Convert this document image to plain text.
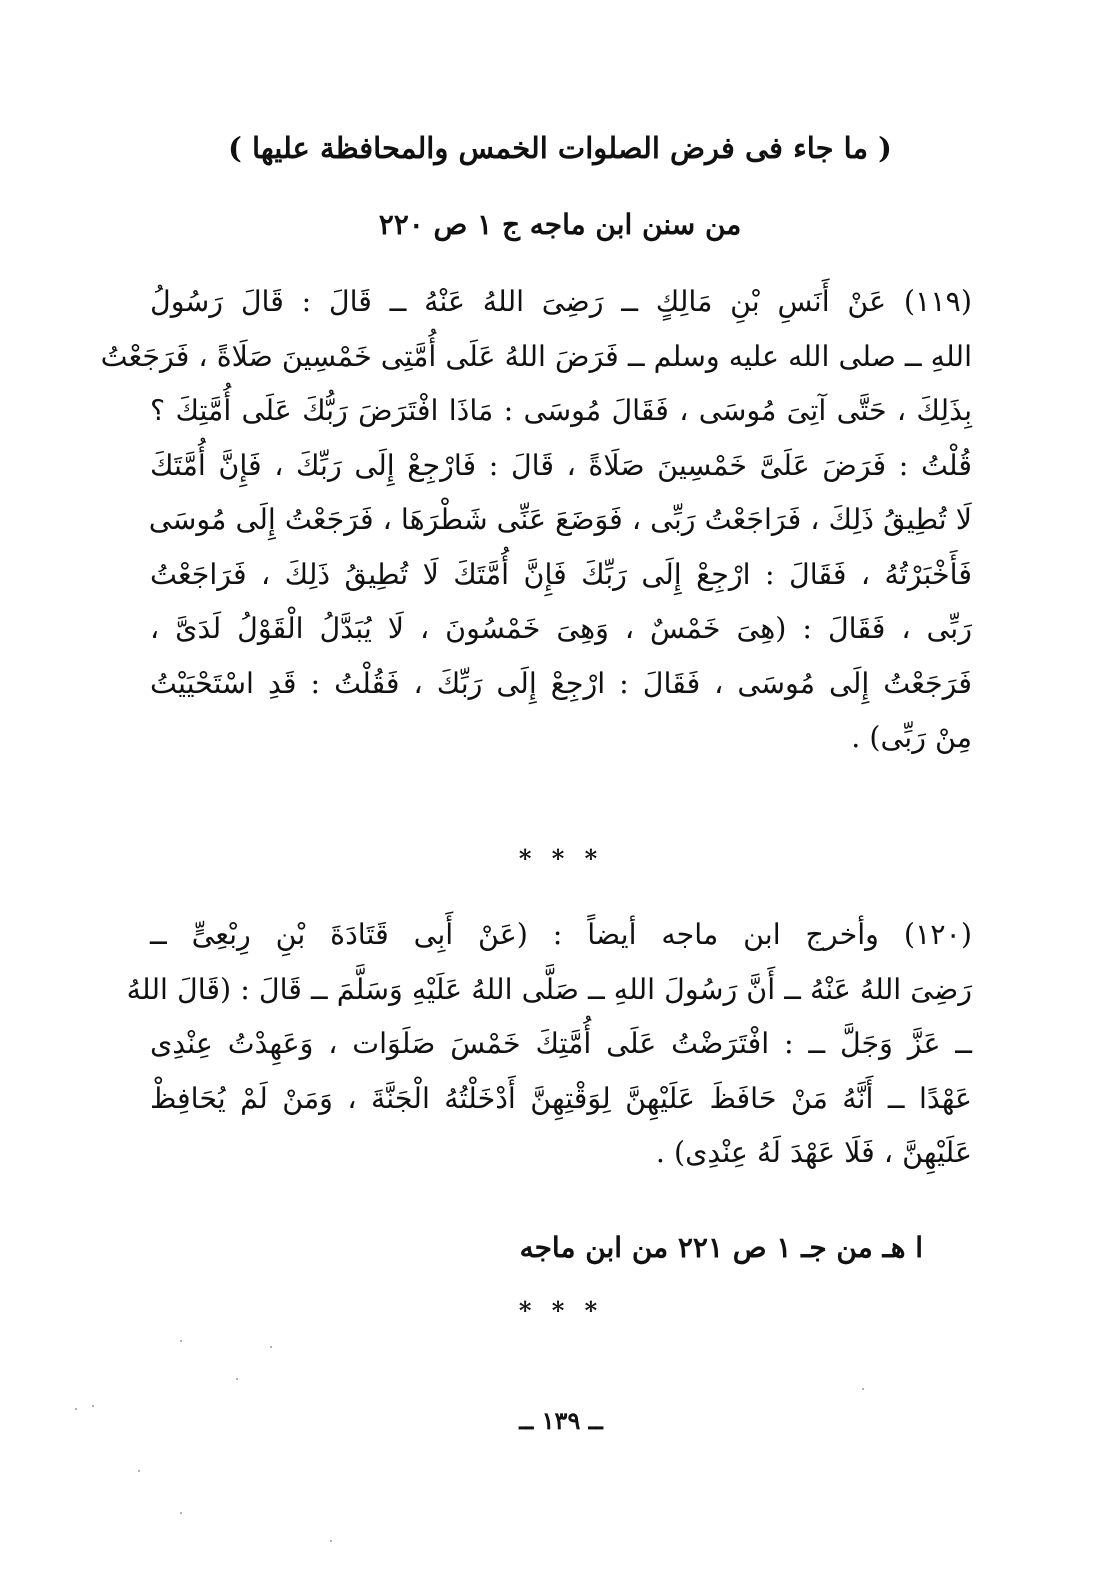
( ما جاء فى فرض الصلوات الخمس والمحافظة عليها )
من سنن ابن ماجه ج ١ ص ٢٢٠
(١١٩) عَنْ أَنَسِ بْنِ مَالِكٍ ــ رَضِىَ اللهُ عَنْهُ ــ قَالَ : قَالَ رَسُولُ
اللهِ ــ صلى الله عليه وسلم ــ فَرَضَ اللهُ عَلَى أُمَّتِى خَمْسِينَ صَلَاةً ، فَرَجَعْتُ
بِذَلِكَ ، حَتَّى آتِىَ مُوسَى ، فَقَالَ مُوسَى : مَاذَا افْتَرَضَ رَبُّكَ عَلَى أُمَّتِكَ ؟
قُلْتُ : فَرَضَ عَلَىَّ خَمْسِينَ صَلَاةً ، قَالَ : فَارْجِعْ إِلَى رَبِّكَ ، فَإِنَّ أُمَّتَكَ
لَا تُطِيقُ ذَلِكَ ، فَرَاجَعْتُ رَبِّى ، فَوَضَعَ عَنِّى شَطْرَهَا ، فَرَجَعْتُ إِلَى مُوسَى
فَأَخْبَرْتُهُ ، فَقَالَ : ارْجِعْ إِلَى رَبِّكَ فَإِنَّ أُمَّتَكَ لَا تُطِيقُ ذَلِكَ ، فَرَاجَعْتُ
رَبِّى ، فَقَالَ : (هِىَ خَمْسٌ ، وَهِىَ خَمْسُونَ ، لَا يُبَدَّلُ الْقَوْلُ لَدَىَّ ،
فَرَجَعْتُ إِلَى مُوسَى ، فَقَالَ : ارْجِعْ إِلَى رَبِّكَ ، فَقُلْتُ : قَدِ اسْتَحْيَيْتُ
مِنْ رَبِّى) .
* * *
(١٢٠) وأخرج ابن ماجه أيضاً : (عَنْ أَبِى قَتَادَةَ بْنِ رِبْعِىٍّ ــ
رَضِىَ اللهُ عَنْهُ ــ أَنَّ رَسُولَ اللهِ ــ صَلَّى اللهُ عَلَيْهِ وَسَلَّمَ ــ قَالَ : (قَالَ اللهُ
ــ عَزَّ وَجَلَّ ــ : افْتَرَضْتُ عَلَى أُمَّتِكَ خَمْسَ صَلَوَات ، وَعَهِدْتُ عِنْدِى
عَهْدًا ــ أَنَّهُ مَنْ حَافَظَ عَلَيْهِنَّ لِوَقْتِهِنَّ أَدْخَلْتُهُ الْجَنَّةَ ، وَمَنْ لَمْ يُحَافِظْ
عَلَيْهِنَّ ، فَلَا عَهْدَ لَهُ عِنْدِى) .
ا هـ من جـ ١ ص ٢٢١ من ابن ماجه
* * *
ــ ١٣٩ ــ
